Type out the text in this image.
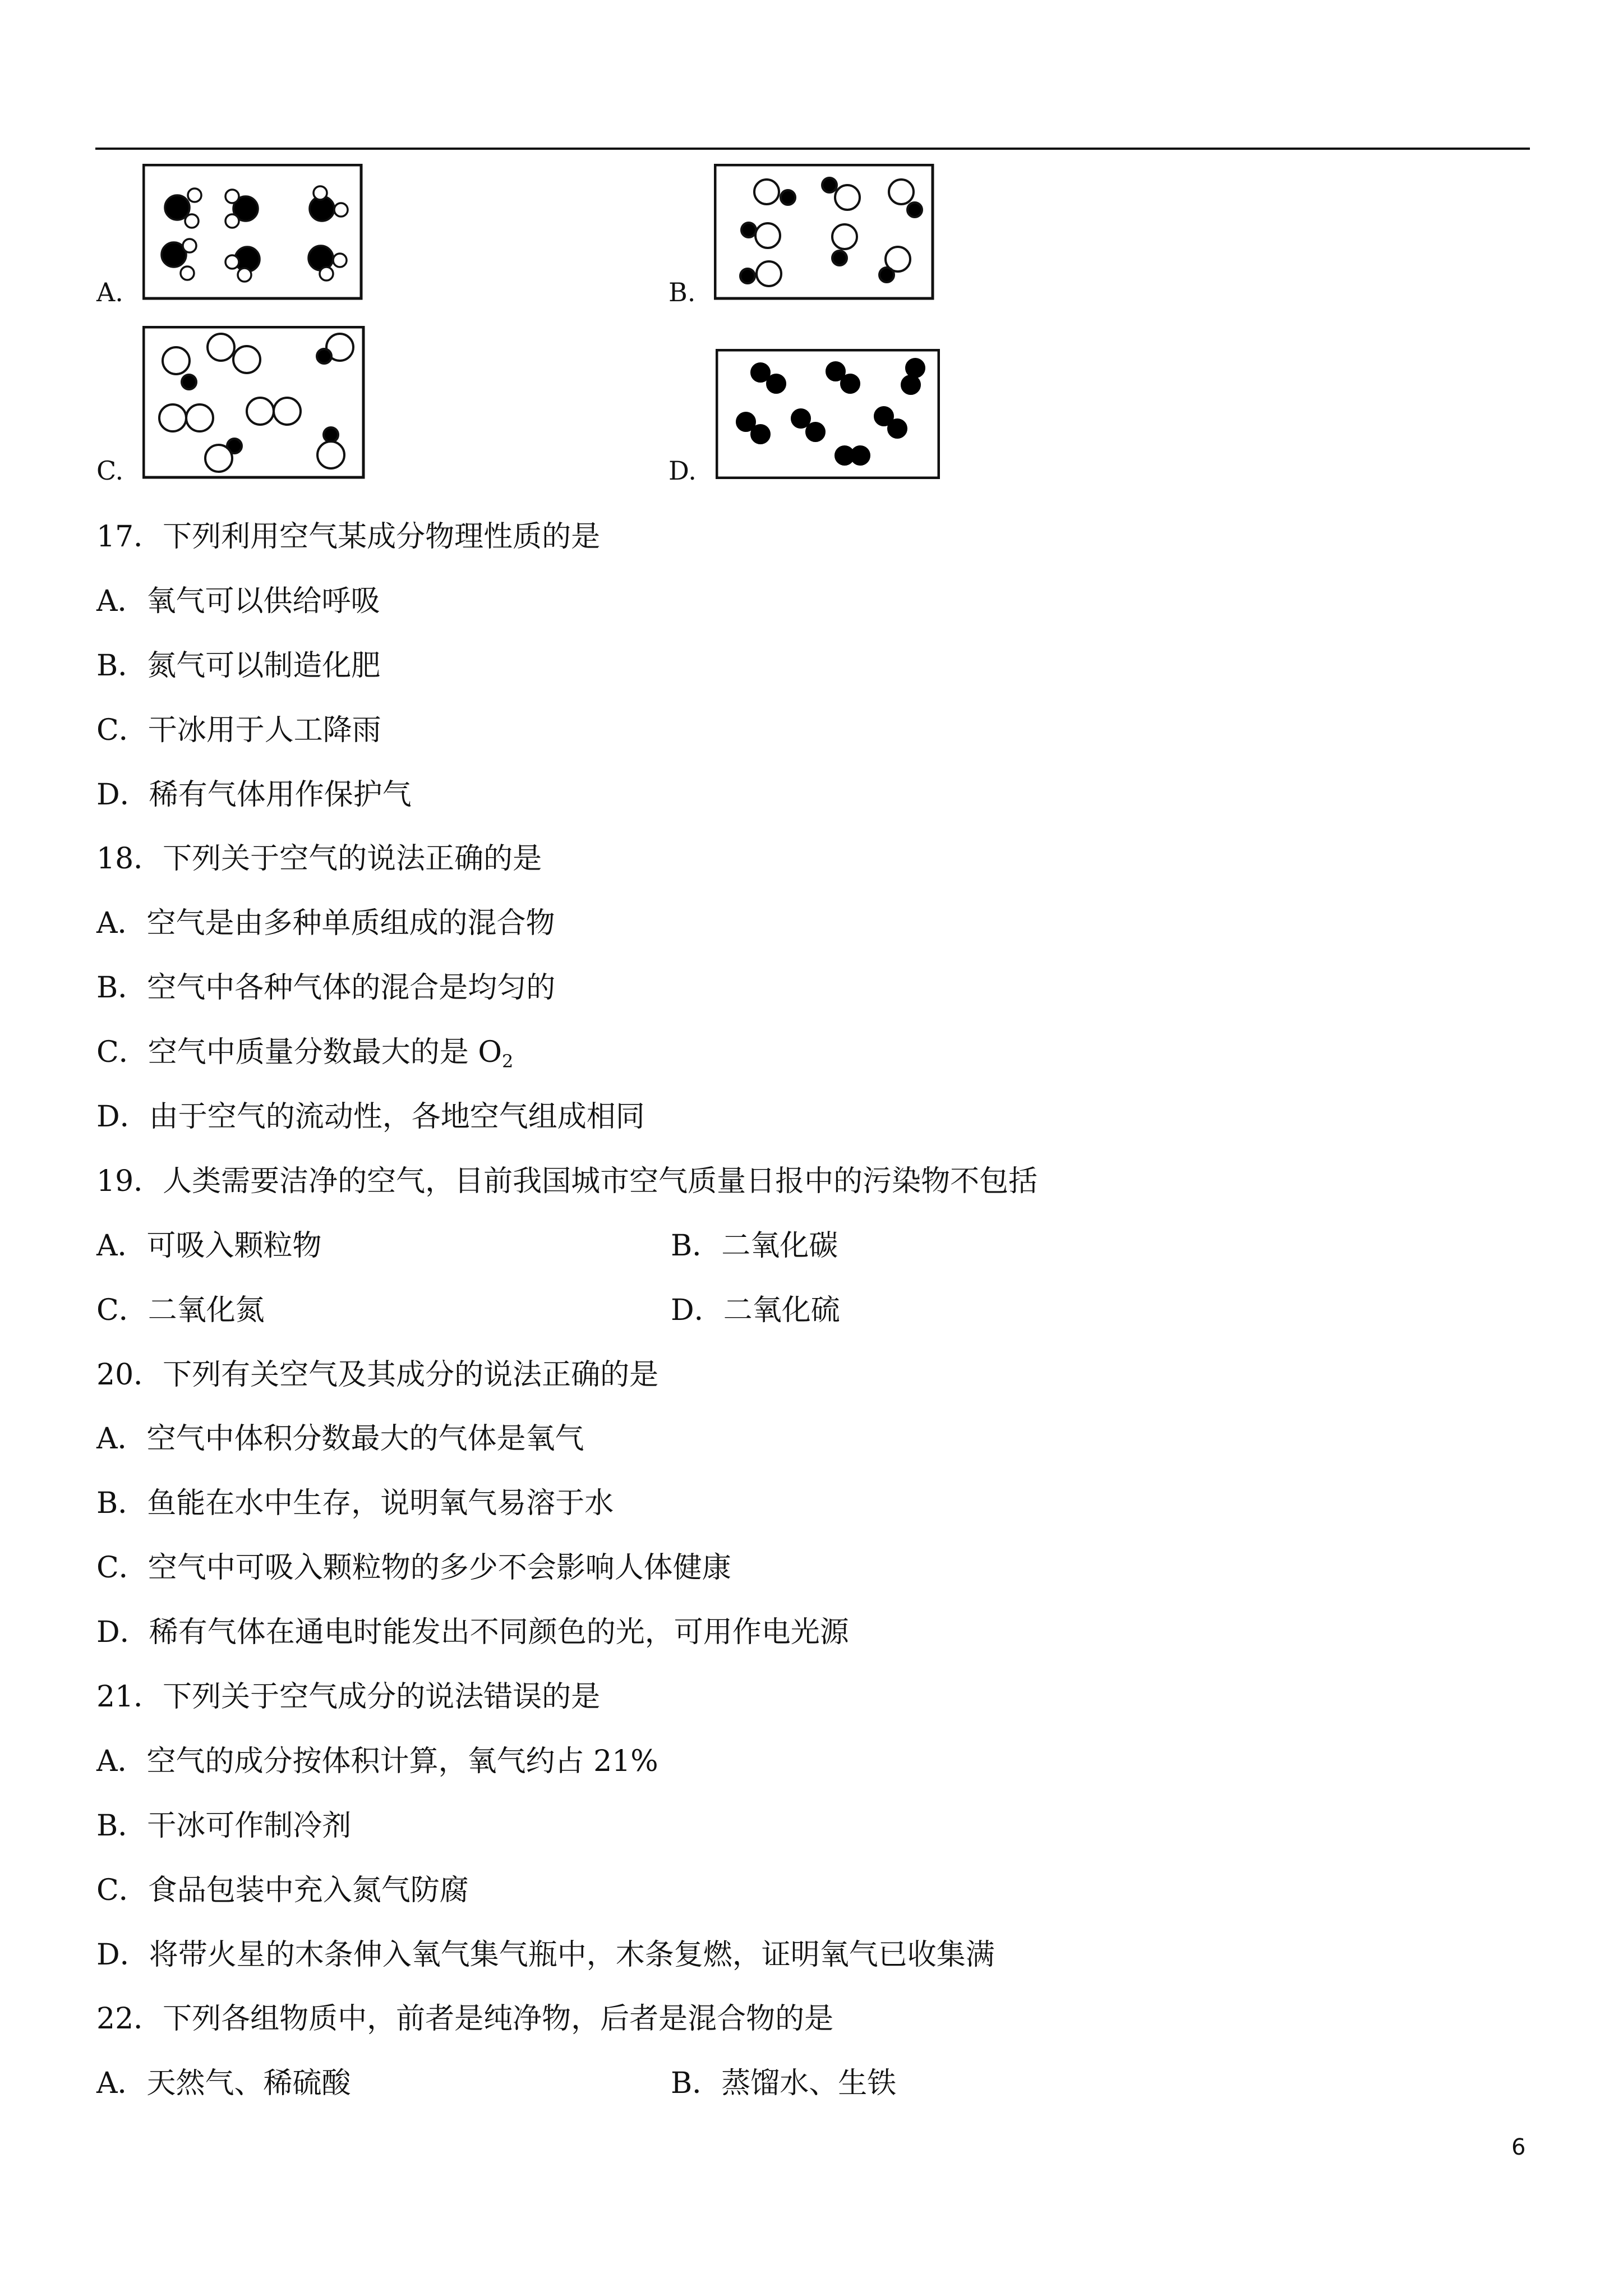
A.	B.
C.	D.
17．下列利用空气某成分物理性质的是
A．氧气可以供给呼吸
B．氮气可以制造化肥
C．干冰用于人工降雨
D．稀有气体用作保护气
18．下列关于空气的说法正确的是
A．空气是由多种单质组成的混合物
B．空气中各种气体的混合是均匀的
C．空气中质量分数最大的是 $O_2$
D．由于空气的流动性，各地空气组成相同
19．人类需要洁净的空气，目前我国城市空气质量日报中的污染物不包括
A．可吸入颗粒物	B．二氧化碳
C．二氧化氮	D．二氧化硫
20．下列有关空气及其成分的说法正确的是
A．空气中体积分数最大的气体是氧气
B．鱼能在水中生存，说明氧气易溶于水
C．空气中可吸入颗粒物的多少不会影响人体健康
D．稀有气体在通电时能发出不同颜色的光，可用作电光源
21．下列关于空气成分的说法错误的是
A．空气的成分按体积计算，氧气约占 21%
B．干冰可作制冷剂
C．食品包装中充入氮气防腐
D．将带火星的木条伸入氧气集气瓶中，木条复燃，证明氧气已收集满
22．下列各组物质中，前者是纯净物，后者是混合物的是
A．天然气、稀硫酸	B．蒸馏水、生铁
6
